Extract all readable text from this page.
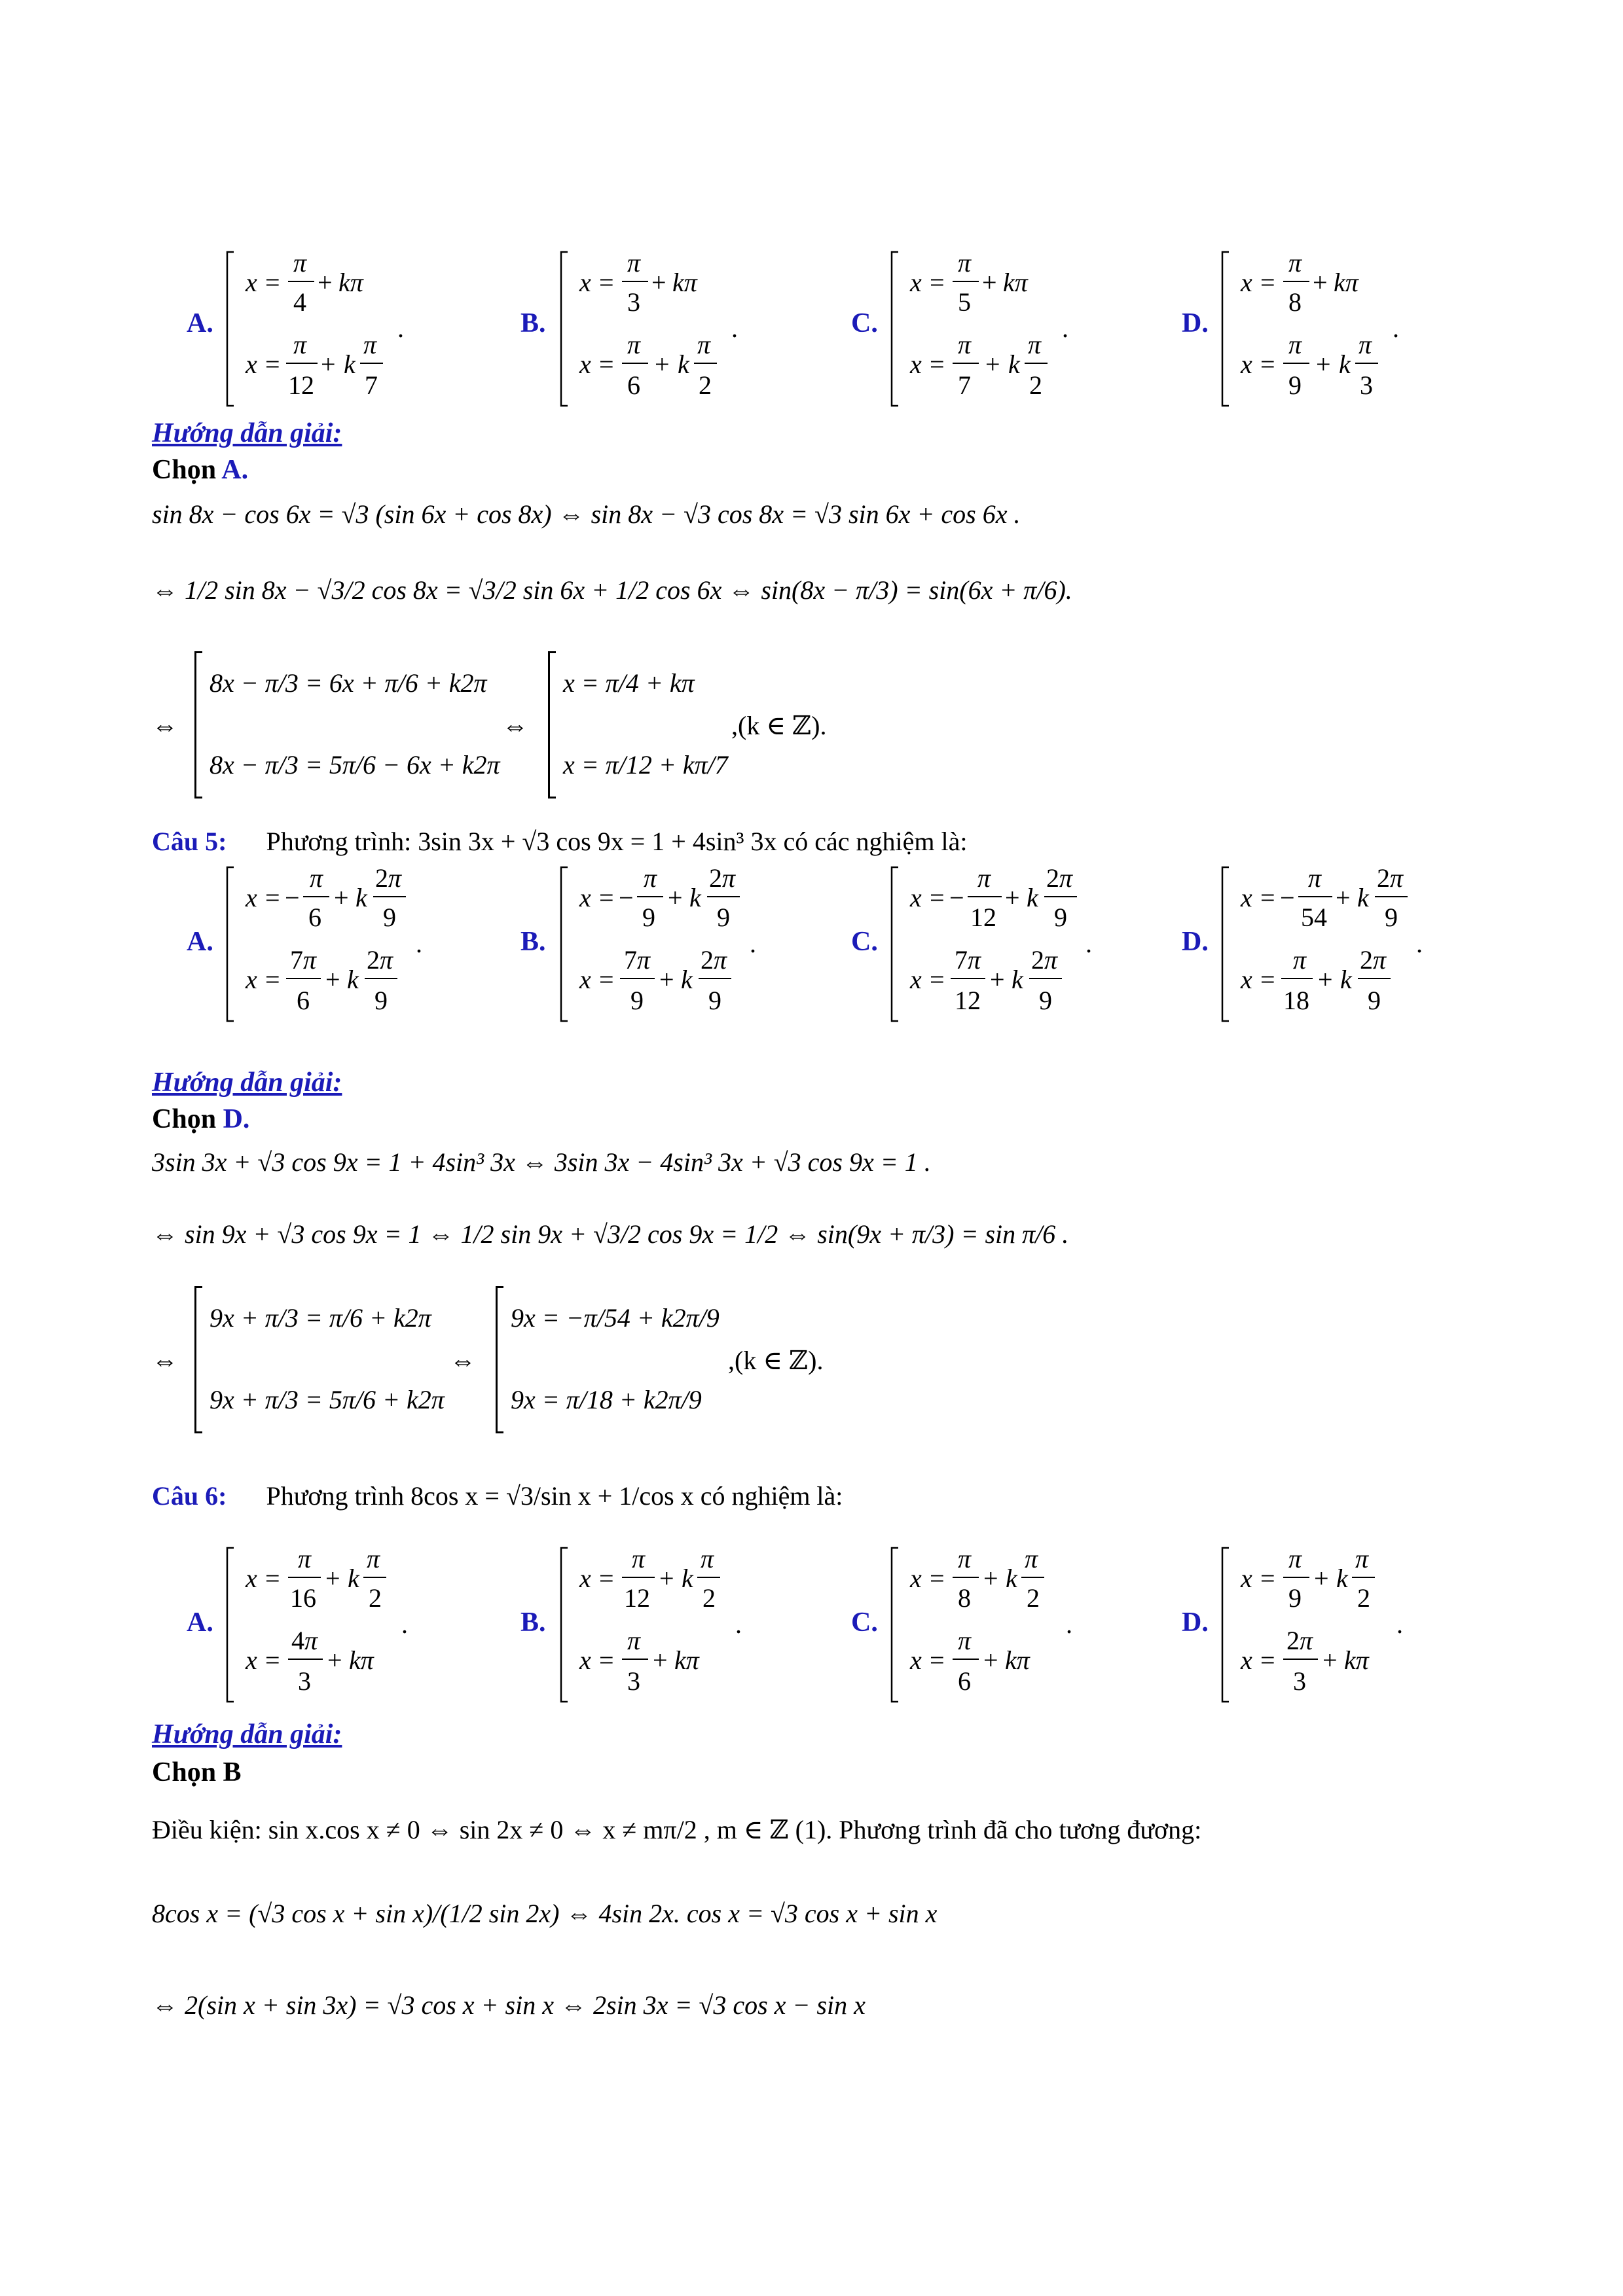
A.
x =
π
4
+ kπ
x =
π
12
+ k
π
7
.	B.
x =
π
3
+ kπ
x =
π
6
+ k
π
2
.	C.
x =
π
5
+ kπ
x =
π
7
+ k
π
2
.	D.
x =
π
8
+ kπ
x =
π
9
+ k
π
3
.
Hướng dẫn giải:
Chọn A.
sin 8x − cos 6x = √3 (sin 6x + cos 8x) ⇔ sin 8x − √3 cos 8x = √3 sin 6x + cos 6x .
⇔ 1/2 sin 8x − √3/2 cos 8x = √3/2 sin 6x + 1/2 cos 6x ⇔ sin(8x − π/3) = sin(6x + π/6).
⇔
8x − π/3 = 6x + π/6 + k2π
8x − π/3 = 5π/6 − 6x + k2π
⇔
x = π/4 + kπ
x = π/12 + kπ/7
,(k ∈ ℤ).
Câu 5: Phương trình: 3sin 3x + √3 cos 9x = 1 + 4sin³ 3x có các nghiệm là:
A.
x = −
π
6
+ k
2 π
9
x =
7 π
6
+ k
2 π
9
.	B.
x = −
π
9
+ k
2 π
9
x =
7 π
9
+ k
2 π
9
.	C.
x = −
π
12
+ k
2 π
9
x =
7 π
12
+ k
2 π
9
.	D.
x = −
π
54
+ k
2 π
9
x =
π
18
+ k
2 π
9
.
Hướng dẫn giải:
Chọn D.
3sin 3x + √3 cos 9x = 1 + 4sin³ 3x ⇔ 3sin 3x − 4sin³ 3x + √3 cos 9x = 1 .
⇔ sin 9x + √3 cos 9x = 1 ⇔ 1/2 sin 9x + √3/2 cos 9x = 1/2 ⇔ sin(9x + π/3) = sin π/6 .
⇔
9x + π/3 = π/6 + k2π
9x + π/3 = 5π/6 + k2π
⇔
9x = −π/54 + k2π/9
9x = π/18 + k2π/9
,(k ∈ ℤ).
Câu 6: Phương trình 8cos x = √3/sin x + 1/cos x có nghiệm là:
A.
x =
π
16
+ k
π
2
x =
4 π
3
+ kπ
.	B.
x =
π
12
+ k
π
2
x =
π
3
+ kπ
.	C.
x =
π
8
+ k
π
2
x =
π
6
+ kπ
.	D.
x =
π
9
+ k
π
2
x =
2 π
3
+ kπ
.
Hướng dẫn giải:
Chọn B
Điều kiện: sin x.cos x ≠ 0 ⇔ sin 2x ≠ 0 ⇔ x ≠ mπ/2 , m ∈ ℤ (1). Phương trình đã cho tương đương:
8cos x = (√3 cos x + sin x)/(1/2 sin 2x) ⇔ 4sin 2x. cos x = √3 cos x + sin x
⇔ 2(sin x + sin 3x) = √3 cos x + sin x ⇔ 2sin 3x = √3 cos x − sin x
